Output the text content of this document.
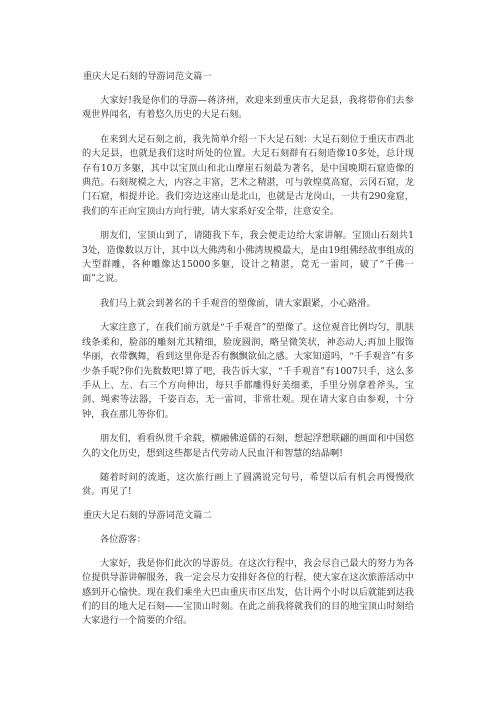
重庆大足石刻的导游词范文篇一

大家好!我是你们的导游—蒋济州，欢迎来到重庆市大足县，我将带你们去参观世界闻名，有着悠久历史的大足石刻。

在来到大足石刻之前，我先简单介绍一下大足石刻：大足石刻位于重庆市西北的大足县，也就是我们这时所处的位置。大足石刻群有石刻造像10多处，总计现存有10万多躯，其中以宝顶山和北山摩崖石刻最为著名，是中国晚期石窟造像的典范。石刻规模之大，内容之丰富，艺术之精湛，可与敦煌莫高窟，云冈石窟，龙门石窟，相提并论。我们旁边这座山是北山，也就是古龙岗山，一共有290龛窟，我们的车正向宝顶山方向行驶，请大家系好安全带，注意安全。

朋友们，宝顶山到了，请随我下车，我会便走边给大家讲解。宝顶山石刻共13处，造像数以万计，其中以大佛湾和小佛湾规模最大，是由19组佛经故事组成的大型群雕，各种雕像达15000多躯，设计之精湛，竟无一雷同，破了“千佛一面”之说。

我们马上就会到著名的千手观音的塑像前，请大家跟紧，小心路滑。

大家注意了，在我们前方就是“千手观音”的塑像了。这位观音比例均匀，肌肤线条柔和，脸部的雕刻尤其精细，脸庞圆润，略呈微笑状，神态动人;再加上服饰华丽，衣带飘舞，看到这里你是否有飘飘欲仙之感。大家知道吗，“千手观音”有多少条手呢?你们先数数吧!算了吧，我告诉大家，“千手观音”有1007只手，这么多手从上、左、右三个方向伸出，每只手都雕得好美细柔，手里分别拿着斧头，宝剑、绳索等法器，千姿百态，无一雷同，非常壮观。现在请大家自由参观，十分钟，我在那儿等你们。

朋友们，看看纵贯千余载，横融佛道儒的石刻，想起浮想联翩的画面和中国悠久的文化历史，想到这些都是古代劳动人民血汗和智慧的结晶啊!

随着时间的流逝，这次旅行画上了圆满说完句号，希望以后有机会再慢慢欣赏。再见了!

重庆大足石刻的导游词范文篇二
各位游客：

大家好，我是你们此次的导游员。在这次行程中，我会尽自己最大的努力为各位提供导游讲解服务，我一定会尽力安排好各位的行程，使大家在这次旅游活动中感到开心愉快。现在我们乘坐大巴由重庆市区出发，估计两个小时以后就能到达我们的目的地大足石刻——宝顶山时刻。在此之前我将就我们的目的地宝顶山时刻给大家进行一个简要的介绍。
